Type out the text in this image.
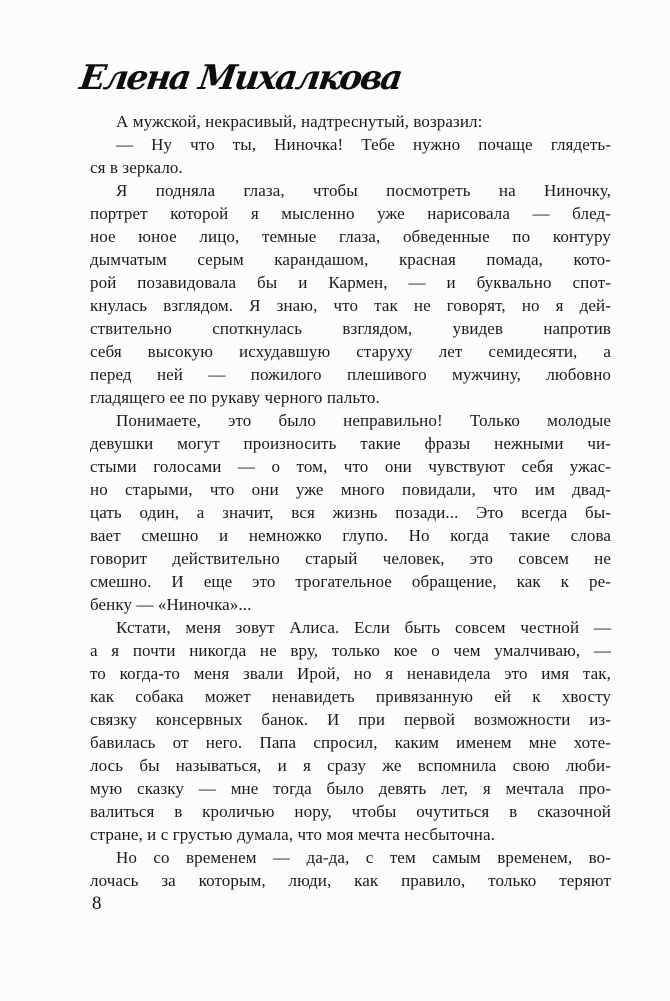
Елена Михалкова
А мужской, некрасивый, надтреснутый, возразил:
— Ну что ты, Ниночка! Тебе нужно почаще глядеть-
ся в зеркало.
Я подняла глаза, чтобы посмотреть на Ниночку,
портрет которой я мысленно уже нарисовала — блед-
ное юное лицо, темные глаза, обведенные по контуру
дымчатым серым карандашом, красная помада, кото-
рой позавидовала бы и Кармен, — и буквально спот-
кнулась взглядом. Я знаю, что так не говорят, но я дей-
ствительно споткнулась взглядом, увидев напротив
себя высокую исхудавшую старуху лет семидесяти, а
перед ней — пожилого плешивого мужчину, любовно
гладящего ее по рукаву черного пальто.
Понимаете, это было неправильно! Только молодые
девушки могут произносить такие фразы нежными чи-
стыми голосами — о том, что они чувствуют себя ужас-
но старыми, что они уже много повидали, что им двад-
цать один, а значит, вся жизнь позади... Это всегда бы-
вает смешно и немножко глупо. Но когда такие слова
говорит действительно старый человек, это совсем не
смешно. И еще это трогательное обращение, как к ре-
бенку — «Ниночка»...
Кстати, меня зовут Алиса. Если быть совсем честной —
а я почти никогда не вру, только кое о чем умалчиваю, —
то когда-то меня звали Ирой, но я ненавидела это имя так,
как собака может ненавидеть привязанную ей к хвосту
связку консервных банок. И при первой возможности из-
бавилась от него. Папа спросил, каким именем мне хоте-
лось бы называться, и я сразу же вспомнила свою люби-
мую сказку — мне тогда было девять лет, я мечтала про-
валиться в кроличью нору, чтобы очутиться в сказочной
стране, и с грустью думала, что моя мечта несбыточна.
Но со временем — да-да, с тем самым временем, во-
лочась за которым, люди, как правило, только теряют
8
